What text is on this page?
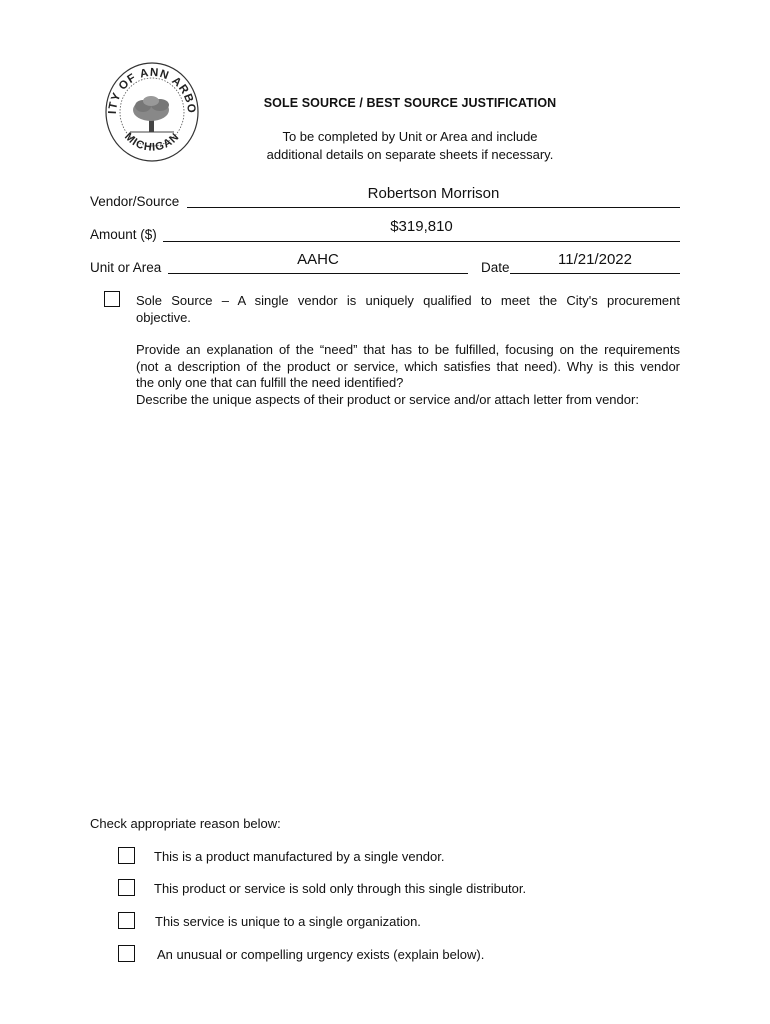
ITY OF ANN ARBO
MICHIGAN
SOLE SOURCE / BEST SOURCE JUSTIFICATION
To be completed by Unit or Area and include
additional details on separate sheets if necessary.
Vendor/Source	Robertson Morrison
Amount ($)	$319,810
Unit or Area	AAHC	Date	11/21/2022
Sole Source – A single vendor is uniquely qualified to meet the City's procurement
objective.
Provide an explanation of the “need” that has to be fulfilled, focusing on the requirements
(not a description of the product or service, which satisfies that need). Why is this vendor
the only one that can fulfill the need identified?
Describe the unique aspects of their product or service and/or attach letter from vendor:
Check appropriate reason below:
This is a product manufactured by a single vendor.
This product or service is sold only through this single distributor.
This service is unique to a single organization.
An unusual or compelling urgency exists (explain below).
